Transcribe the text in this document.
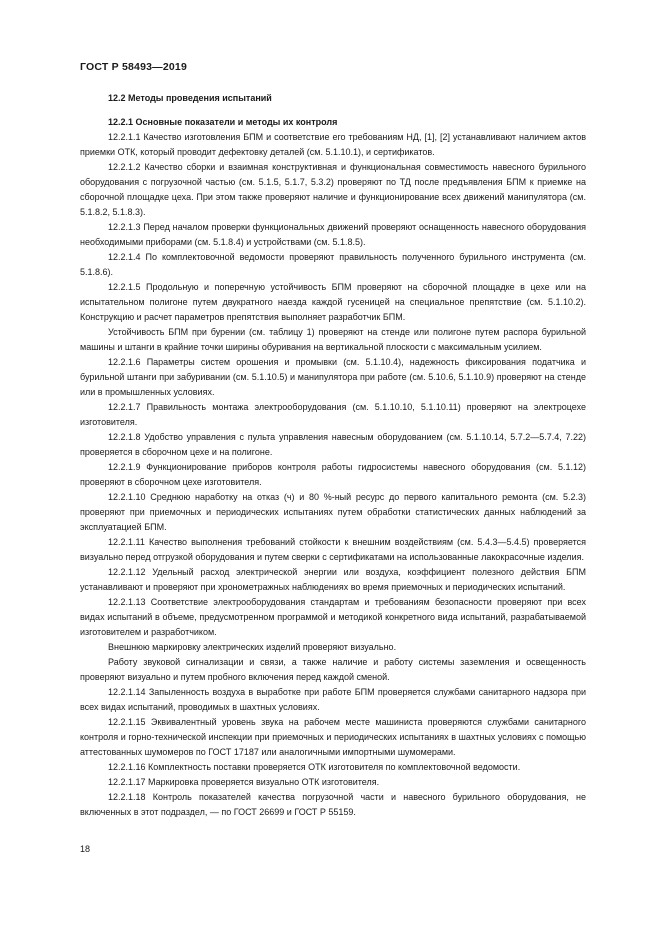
ГОСТ Р 58493—2019

12.2 Методы проведения испытаний

12.2.1 Основные показатели и методы их контроля

12.2.1.1 Качество изготовления БПМ и соответствие его требованиям НД, [1], [2] устанавливают наличием актов приемки ОТК, который проводит дефектовку деталей (см. 5.1.10.1), и сертификатов.

12.2.1.2 Качество сборки и взаимная конструктивная и функциональная совместимость навесного бурильного оборудования с погрузочной частью (см. 5.1.5, 5.1.7, 5.3.2) проверяют по ТД после предъявления БПМ к приемке на сборочной площадке цеха. При этом также проверяют наличие и функционирование всех движений манипулятора (см. 5.1.8.2, 5.1.8.3).

12.2.1.3 Перед началом проверки функциональных движений проверяют оснащенность навесного оборудования необходимыми приборами (см. 5.1.8.4) и устройствами (см. 5.1.8.5).

12.2.1.4 По комплектовочной ведомости проверяют правильность полученного бурильного инструмента (см. 5.1.8.6).

12.2.1.5 Продольную и поперечную устойчивость БПМ проверяют на сборочной площадке в цехе или на испытательном полигоне путем двукратного наезда каждой гусеницей на специальное препятствие (см. 5.1.10.2). Конструкцию и расчет параметров препятствия выполняет разработчик БПМ.

Устойчивость БПМ при бурении (см. таблицу 1) проверяют на стенде или полигоне путем распора бурильной машины и штанги в крайние точки ширины обуривания на вертикальной плоскости с максимальным усилием.

12.2.1.6 Параметры систем орошения и промывки (см. 5.1.10.4), надежность фиксирования податчика и бурильной штанги при забуривании (см. 5.1.10.5) и манипулятора при работе (см. 5.10.6, 5.1.10.9) проверяют на стенде или в промышленных условиях.

12.2.1.7 Правильность монтажа электрооборудования (см. 5.1.10.10, 5.1.10.11) проверяют на электроцехе изготовителя.

12.2.1.8 Удобство управления с пульта управления навесным оборудованием (см. 5.1.10.14, 5.7.2—5.7.4, 7.22) проверяется в сборочном цехе и на полигоне.

12.2.1.9 Функционирование приборов контроля работы гидросистемы навесного оборудования (см. 5.1.12) проверяют в сборочном цехе изготовителя.

12.2.1.10 Среднюю наработку на отказ (ч) и 80 %-ный ресурс до первого капитального ремонта (см. 5.2.3) проверяют при приемочных и периодических испытаниях путем обработки статистических данных наблюдений за эксплуатацией БПМ.

12.2.1.11 Качество выполнения требований стойкости к внешним воздействиям (см. 5.4.3—5.4.5) проверяется визуально перед отгрузкой оборудования и путем сверки с сертификатами на использованные лакокрасочные изделия.

12.2.1.12 Удельный расход электрической энергии или воздуха, коэффициент полезного действия БПМ устанавливают и проверяют при хронометражных наблюдениях во время приемочных и периодических испытаний.

12.2.1.13 Соответствие электрооборудования стандартам и требованиям безопасности проверяют при всех видах испытаний в объеме, предусмотренном программой и методикой конкретного вида испытаний, разрабатываемой изготовителем и разработчиком.

Внешнюю маркировку электрических изделий проверяют визуально.

Работу звуковой сигнализации и связи, а также наличие и работу системы заземления и освещенность проверяют визуально и путем пробного включения перед каждой сменой.

12.2.1.14 Запыленность воздуха в выработке при работе БПМ проверяется службами санитарного надзора при всех видах испытаний, проводимых в шахтных условиях.

12.2.1.15 Эквивалентный уровень звука на рабочем месте машиниста проверяются службами санитарного контроля и горно-технической инспекции при приемочных и периодических испытаниях в шахтных условиях с помощью аттестованных шумомеров по ГОСТ 17187 или аналогичными импортными шумомерами.

12.2.1.16 Комплектность поставки проверяется ОТК изготовителя по комплектовочной ведомости.

12.2.1.17 Маркировка проверяется визуально ОТК изготовителя.

12.2.1.18 Контроль показателей качества погрузочной части и навесного бурильного оборудования, не включенных в этот подраздел, — по ГОСТ 26699 и ГОСТ Р 55159.

18
